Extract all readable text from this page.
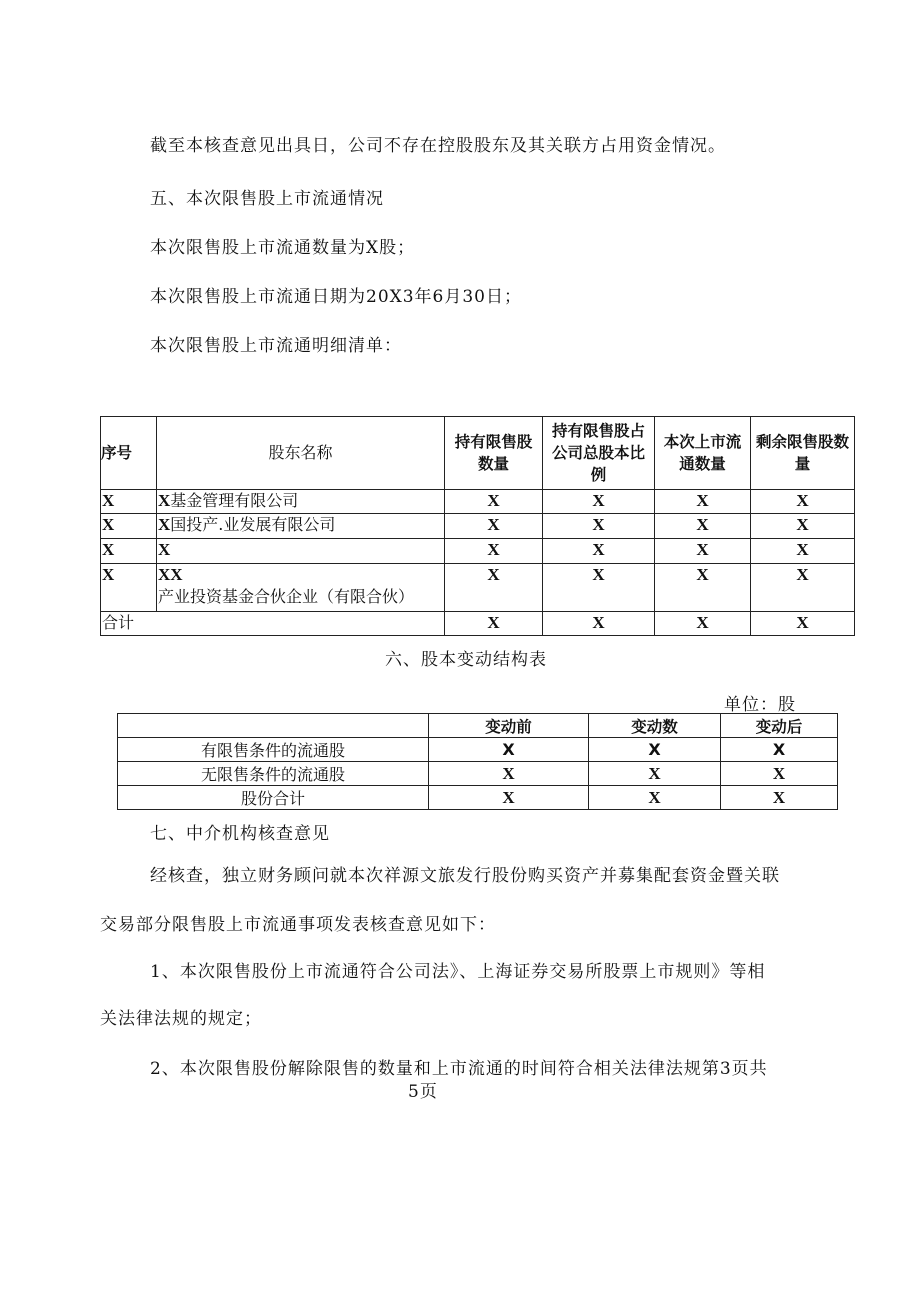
截至本核查意见出具日，公司不存在控股股东及其关联方占用资金情况。

五、本次限售股上市流通情况

本次限售股上市流通数量为X股；

本次限售股上市流通日期为20X3年6月30日；

本次限售股上市流通明细清单：

序号	股东名称	持有限售股数量	持有限售股占公司总股本比例	本次上市流通数量	剩余限售股数量
X	X基金管理有限公司	X	X	X	X
X	X国投产.业发展有限公司	X	X	X	X
X	X	X	X	X	X
X	XX产业投资基金合伙企业（有限合伙）	X	X	X	X
合计		X	X	X	X

六、股本变动结构表

单位：股

	变动前	变动数	变动后
有限售条件的流通股	X	X	X
无限售条件的流通股	X	X	X
股份合计	X	X	X

七、中介机构核查意见

经核查，独立财务顾问就本次祥源文旅发行股份购买资产并募集配套资金暨关联

交易部分限售股上市流通事项发表核查意见如下：

1、本次限售股份上市流通符合公司法》、上海证券交易所股票上市规则》等相

关法律法规的规定；

2、本次限售股份解除限售的数量和上市流通的时间符合相关法律法规第3页共

5页
